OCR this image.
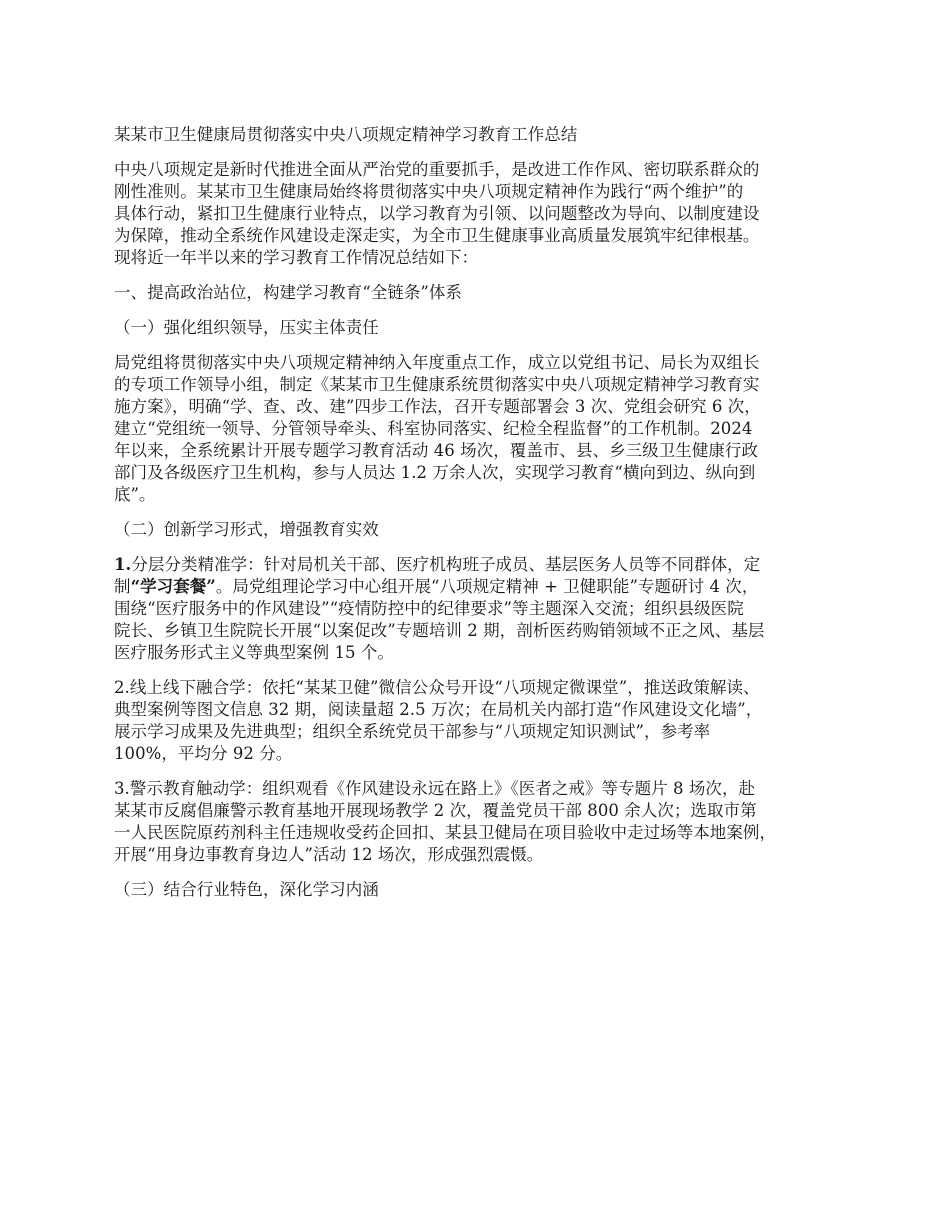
某某市卫生健康局贯彻落实中央八项规定精神学习教育工作总结
中央八项规定是新时代推进全面从严治党的重要抓手，是改进工作作风、密切联系群众的
刚性准则。某某市卫生健康局始终将贯彻落实中央八项规定精神作为践行“两个维护”的
具体行动，紧扣卫生健康行业特点，以学习教育为引领、以问题整改为导向、以制度建设
为保障，推动全系统作风建设走深走实，为全市卫生健康事业高质量发展筑牢纪律根基。
现将近一年半以来的学习教育工作情况总结如下：
一、提高政治站位，构建学习教育“全链条”体系
（一）强化组织领导，压实主体责任
局党组将贯彻落实中央八项规定精神纳入年度重点工作，成立以党组书记、局长为双组长
的专项工作领导小组，制定《某某市卫生健康系统贯彻落实中央八项规定精神学习教育实
施方案》，明确“学、查、改、建”四步工作法，召开专题部署会 3 次、党组会研究 6 次，
建立“党组统一领导、分管领导牵头、科室协同落实、纪检全程监督”的工作机制。2024
年以来，全系统累计开展专题学习教育活动 46 场次，覆盖市、县、乡三级卫生健康行政
部门及各级医疗卫生机构，参与人员达 1.2 万余人次，实现学习教育“横向到边、纵向到
底”。
（二）创新学习形式，增强教育实效
1.分层分类精准学：针对局机关干部、医疗机构班子成员、基层医务人员等不同群体，定
制“学习套餐”。局党组理论学习中心组开展“八项规定精神 + 卫健职能”专题研讨 4 次，
围绕“医疗服务中的作风建设”“疫情防控中的纪律要求”等主题深入交流；组织县级医院
院长、乡镇卫生院院长开展“以案促改”专题培训 2 期，剖析医药购销领域不正之风、基层
医疗服务形式主义等典型案例 15 个。
2.线上线下融合学：依托“某某卫健”微信公众号开设“八项规定微课堂”，推送政策解读、
典型案例等图文信息 32 期，阅读量超 2.5 万次；在局机关内部打造“作风建设文化墙”，
展示学习成果及先进典型；组织全系统党员干部参与“八项规定知识测试”，参考率
100%，平均分 92 分。
3.警示教育触动学：组织观看《作风建设永远在路上》《医者之戒》等专题片 8 场次，赴
某某市反腐倡廉警示教育基地开展现场教学 2 次，覆盖党员干部 800 余人次；选取市第
一人民医院原药剂科主任违规收受药企回扣、某县卫健局在项目验收中走过场等本地案例，
开展“用身边事教育身边人”活动 12 场次，形成强烈震慑。
（三）结合行业特色，深化学习内涵
